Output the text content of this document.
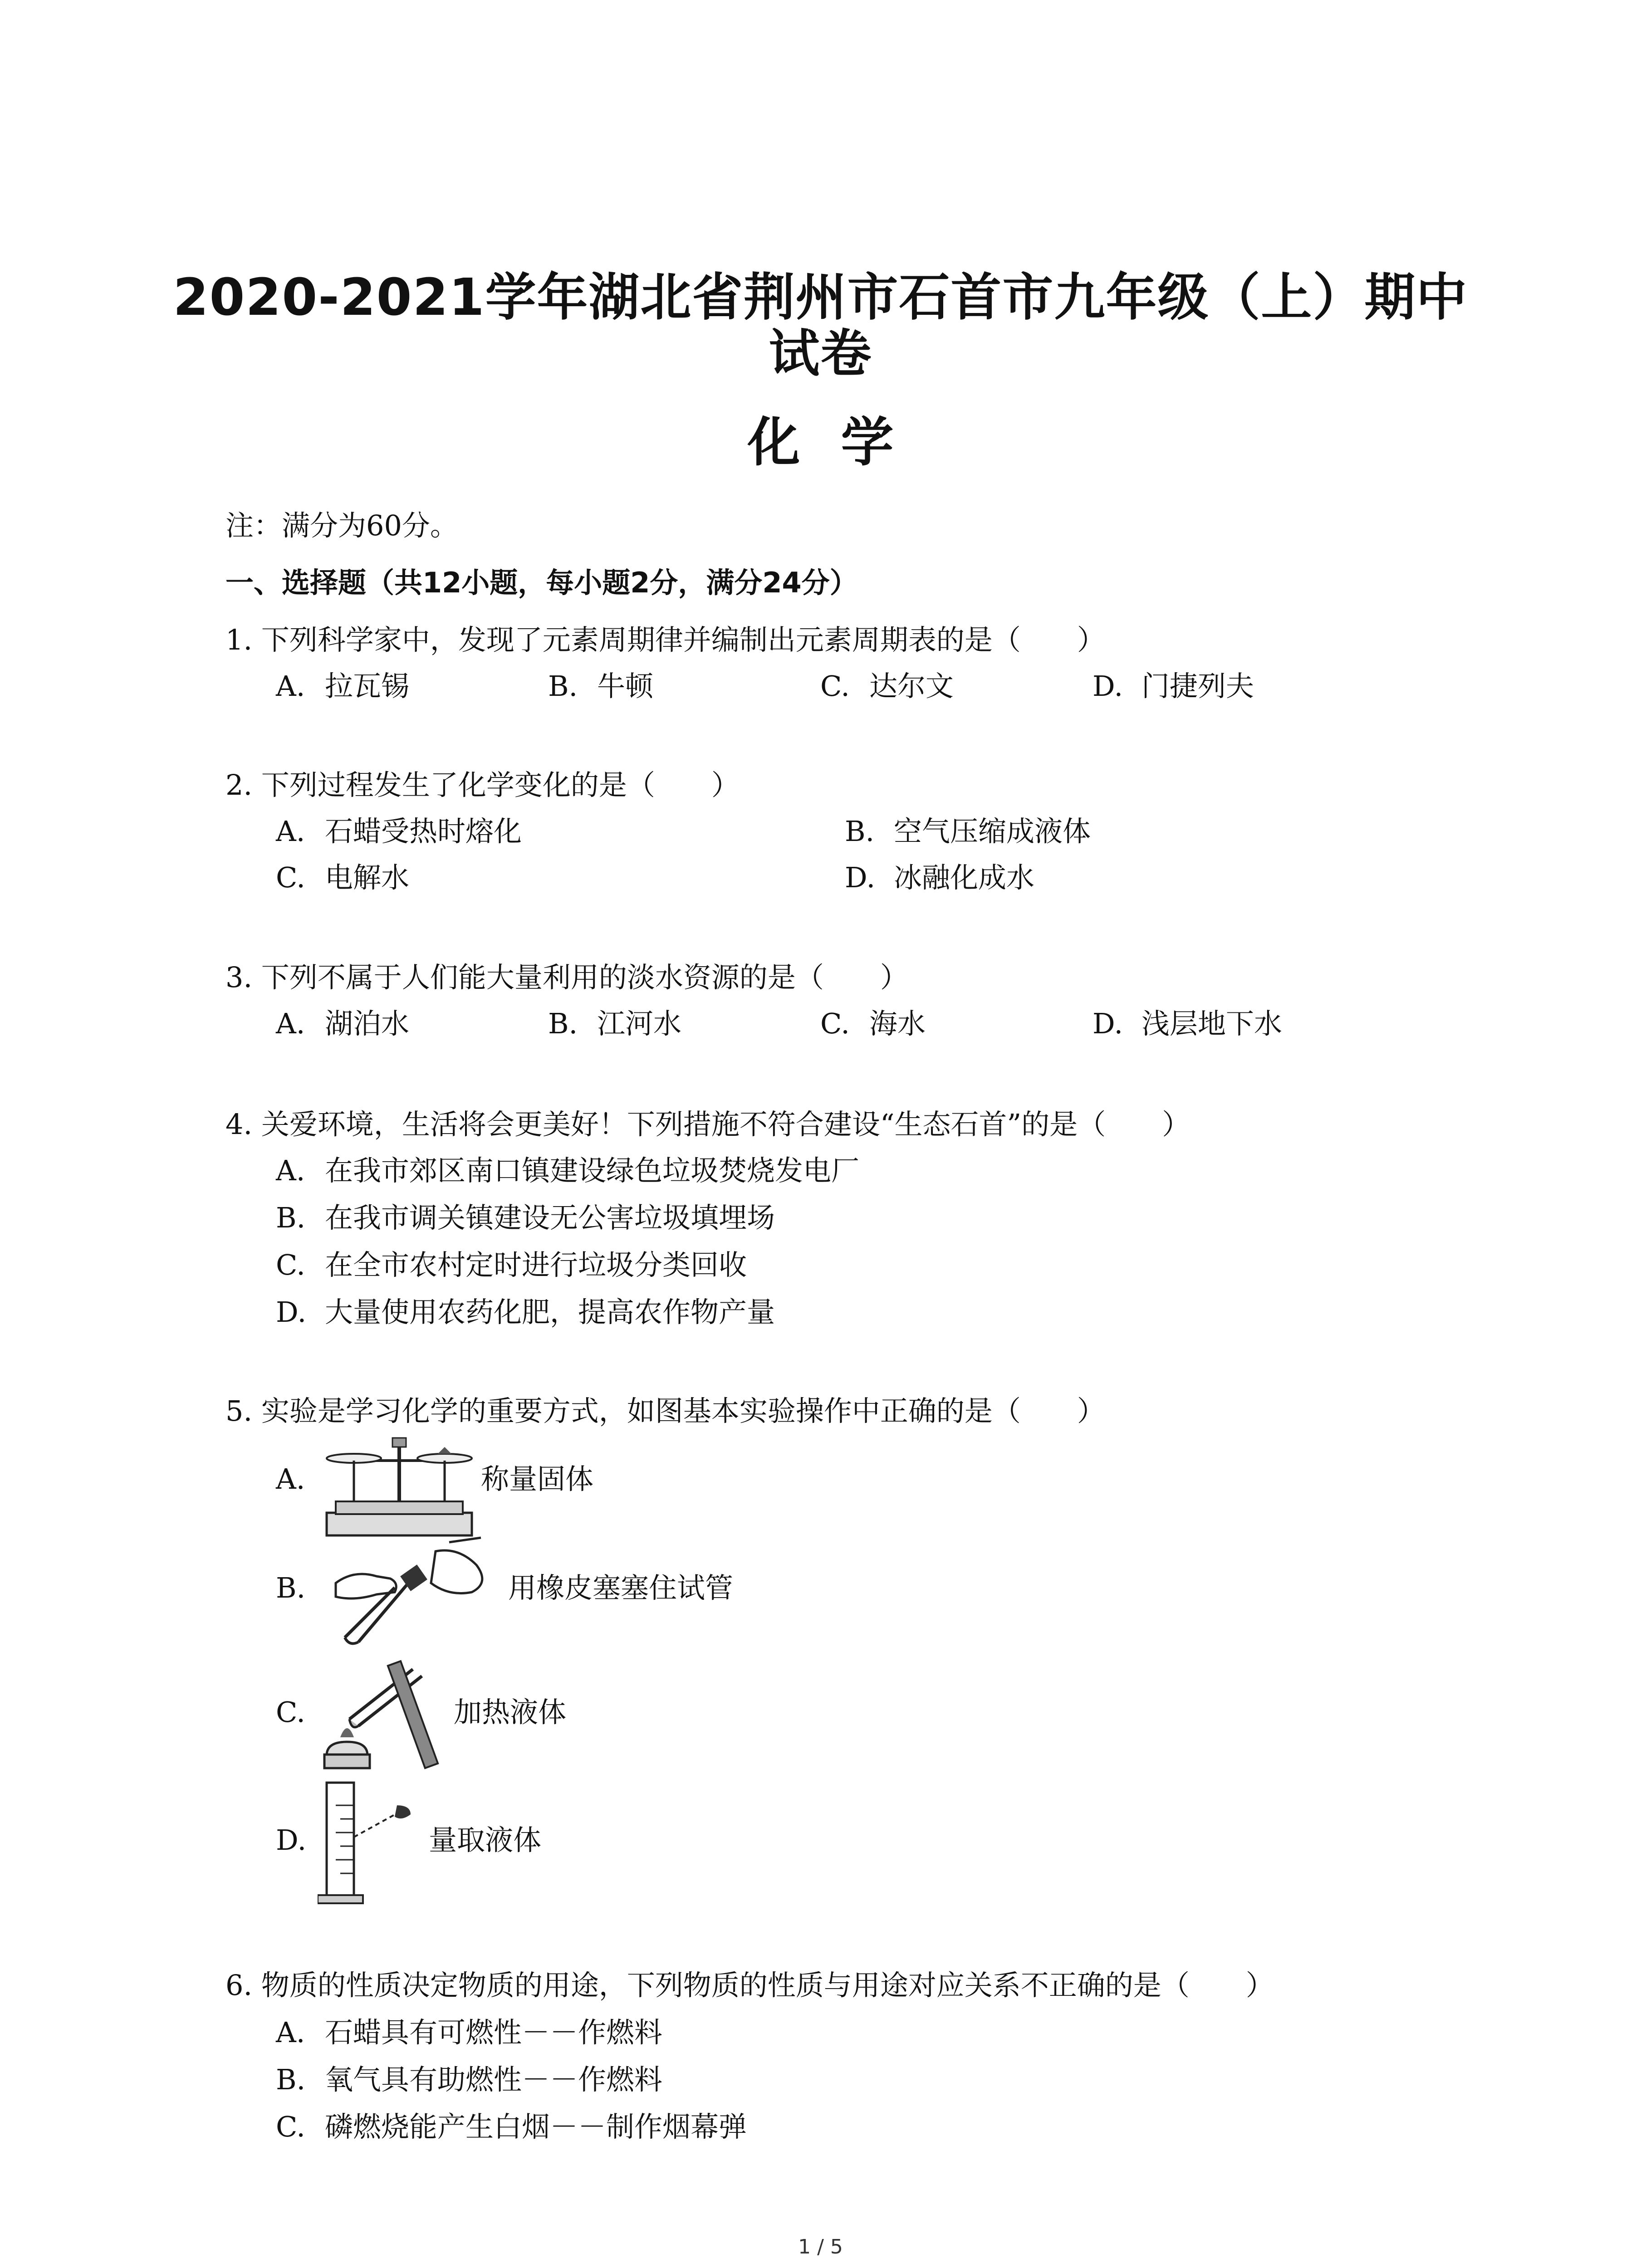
2020-2021学年湖北省荆州市石首市九年级（上）期中
试卷
化学
注：满分为60分。
一、选择题（共12小题，每小题2分，满分24分）
1. 下列科学家中，发现了元素周期律并编制出元素周期表的是（　　）
A. 拉瓦锡	B. 牛顿	C. 达尔文	D. 门捷列夫
2. 下列过程发生了化学变化的是（　　）
A. 石蜡受热时熔化	B. 空气压缩成液体
C. 电解水	D. 冰融化成水
3. 下列不属于人们能大量利用的淡水资源的是（　　）
A. 湖泊水	B. 江河水	C. 海水	D. 浅层地下水
4. 关爱环境，生活将会更美好！下列措施不符合建设“生态石首”的是（　　）
A. 在我市郊区南口镇建设绿色垃圾焚烧发电厂
B. 在我市调关镇建设无公害垃圾填埋场
C. 在全市农村定时进行垃圾分类回收
D. 大量使用农药化肥，提高农作物产量
5. 实验是学习化学的重要方式，如图基本实验操作中正确的是（　　）
A.	称量固体
B.	用橡皮塞塞住试管
C.	加热液体
D.	量取液体
6. 物质的性质决定物质的用途，下列物质的性质与用途对应关系不正确的是（　　）
A. 石蜡具有可燃性－－作燃料
B. 氧气具有助燃性－－作燃料
C. 磷燃烧能产生白烟－－制作烟幕弹
1 / 5
